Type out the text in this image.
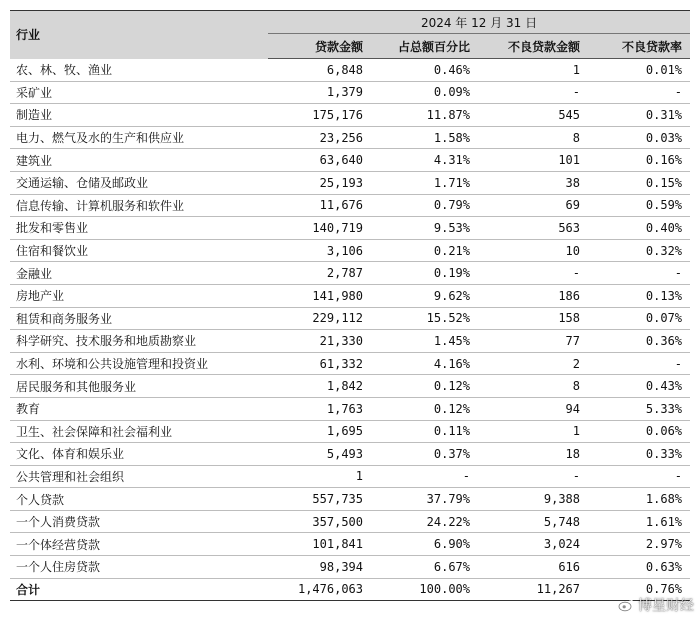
行业	2024 年 12 月 31 日			
	贷款金额	占总额百分比	不良贷款金额	不良贷款率
农、林、牧、渔业	6,848	0.46%	1	0.01%
采矿业	1,379	0.09%	-	-
制造业	175,176	11.87%	545	0.31%
电力、燃气及水的生产和供应业	23,256	1.58%	8	0.03%
建筑业	63,640	4.31%	101	0.16%
交通运输、仓储及邮政业	25,193	1.71%	38	0.15%
信息传输、计算机服务和软件业	11,676	0.79%	69	0.59%
批发和零售业	140,719	9.53%	563	0.40%
住宿和餐饮业	3,106	0.21%	10	0.32%
金融业	2,787	0.19%	-	-
房地产业	141,980	9.62%	186	0.13%
租赁和商务服务业	229,112	15.52%	158	0.07%
科学研究、技术服务和地质勘察业	21,330	1.45%	77	0.36%
水利、环境和公共设施管理和投资业	61,332	4.16%	2	-
居民服务和其他服务业	1,842	0.12%	8	0.43%
教育	1,763	0.12%	94	5.33%
卫生、社会保障和社会福利业	1,695	0.11%	1	0.06%
文化、体育和娱乐业	5,493	0.37%	18	0.33%
公共管理和社会组织	1	-	-	-
个人贷款	557,735	37.79%	9,388	1.68%
一个人消费贷款	357,500	24.22%	5,748	1.61%
一个体经营贷款	101,841	6.90%	3,024	2.97%
一个人住房贷款	98,394	6.67%	616	0.63%
合计	1,476,063	100.00%	11,267	0.76%
博星财经
